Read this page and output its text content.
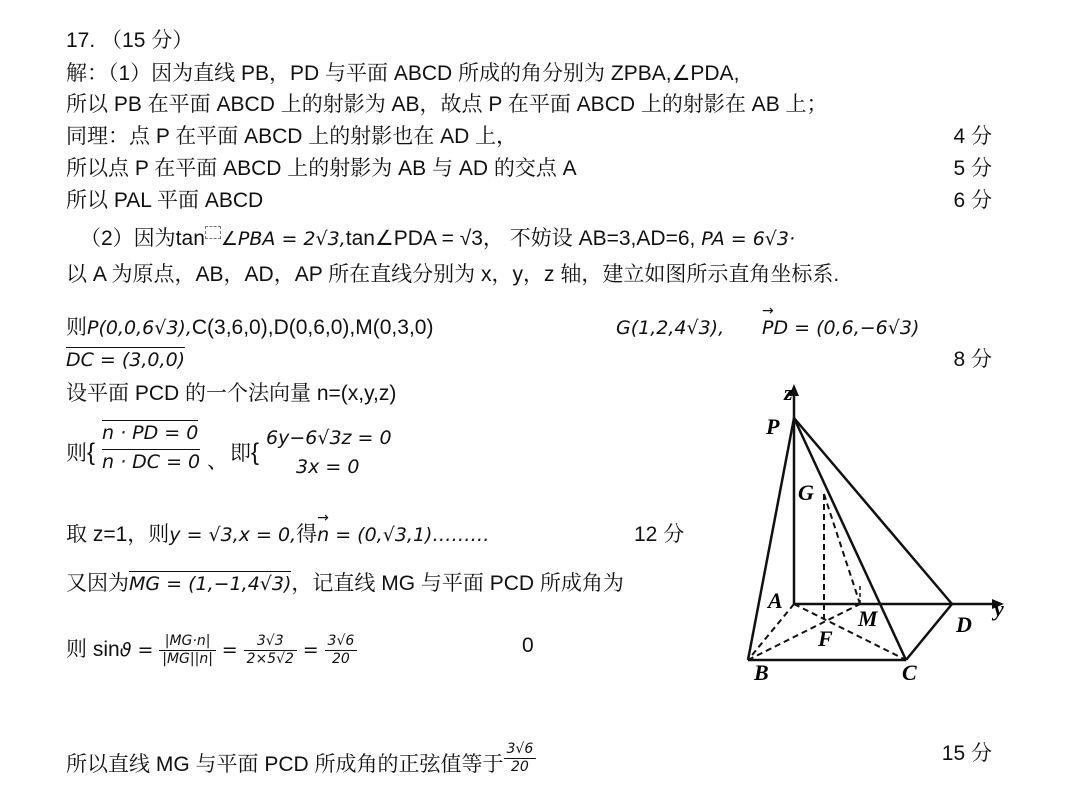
17. （15 分）
解：（1）因为直线 PB，PD 与平面 ABCD 所成的角分别为 ZPBA,∠PDA,
所以 PB 在平面 ABCD 上的射影为 AB，故点 P 在平面 ABCD 上的射影在 AB 上；
同理：点 P 在平面 ABCD 上的射影也在 AD 上，	4 分
所以点 P 在平面 ABCD 上的射影为 AB 与 AD 的交点 A	5 分
所以 PAL 平面 ABCD	6 分
（2）因为tan ∠PBA = 2√3,tan∠PDA = √3， 不妨设 AB=3,AD=6, PA = 6√3·
以 A 为原点，AB，AD，AP 所在直线分别为 x，y，z 轴，建立如图所示直角坐标系.
则P(0,0,6√3),C(3,6,0),D(0,6,0),M(0,3,0)	G(1,2,4√3),
→ PD = (0,6,−6√3)
DC = (3,0,0)	8 分
设平面 PCD 的一个法向量 n=(x,y,z)
则{
n · PD = 0
n · DC = 0 、 即{
6y−6√3z = 0
3x = 0
取 z=1，则y = √3,x = 0,得→ n = (0,√3,1)………	12 分
又因为MG = (1,−1,4√3)，记直线 MG 与平面 PCD 所成角为
则 $\sin ϑ = \frac{|MG\cdot n|}{|MG||n|} = \frac{3√3}{2\times 5√2} = \frac{3√6}{20}$	0
所以直线 MG 与平面 PCD 所成角的正弦值等于 $\frac{3√6}{20}$	15 分
z
P
G
A
M
F
D
y
B	C
